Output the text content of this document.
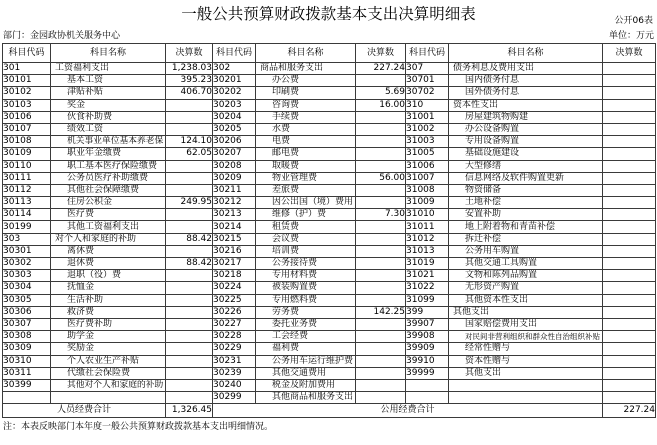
一般公共预算财政拨款基本支出决算明细表	公开06表
部门：金园政协机关服务中心	单位：万元
科目代码	科目名称	决算数	科目代码	科目名称	决算数	科目代码	科目名称	决算数
301	工资福利支出	1,238.03	302	商品和服务支出	227.24	307	债务利息及费用支出	
30101	基本工资	395.23	30201	办公费		30701	国内债务付息	
30102	津贴补贴	406.70	30202	印刷费	5.69	30702	国外债务付息	
30103	奖金		30203	咨询费	16.00	310	资本性支出	
30106	伙食补助费		30204	手续费		31001	房屋建筑物购建	
30107	绩效工资		30205	水费		31002	办公设备购置	
30108	机关事业单位基本养老保	124.10	30206	电费		31003	专用设备购置	
30109	职业年金缴费	62.05	30207	邮电费		31005	基础设施建设	
30110	职工基本医疗保险缴费		30208	取暖费		31006	大型修缮	
30111	公务员医疗补助缴费		30209	物业管理费	56.00	31007	信息网络及软件购置更新	
30112	其他社会保障缴费		30211	差旅费		31008	物资储备	
30113	住房公积金	249.95	30212	因公出国（境）费用		31009	土地补偿	
30114	医疗费		30213	维修（护）费	7.30	31010	安置补助	
30199	其他工资福利支出		30214	租赁费		31011	地上附着物和青苗补偿	
303	对个人和家庭的补助	88.42	30215	会议费		31012	拆迁补偿	
30301	离休费		30216	培训费		31013	公务用车购置	
30302	退休费	88.42	30217	公务接待费		31019	其他交通工具购置	
30303	退职（役）费		30218	专用材料费		31021	文物和陈列品购置	
30304	抚恤金		30224	被装购置费		31022	无形资产购置	
30305	生活补助		30225	专用燃料费		31099	其他资本性支出	
30306	救济费		30226	劳务费	142.25	399	其他支出	
30307	医疗费补助		30227	委托业务费		39907	国家赔偿费用支出	
30308	助学金		30228	工会经费		39908	对民间非营利组织和群众性自治组织补贴	
30309	奖励金		30229	福利费		39909	经常性赠与	
30310	个人农业生产补贴		30231	公务用车运行维护费		39910	资本性赠与	
30311	代缴社会保险费		30239	其他交通费用		39999	其他支出	
30399	其他对个人和家庭的补助		30240	税金及附加费用				
			30299	其他商品和服务支出				
人员经费合计		1,326.45	公用经费合计					227.24
注：本表反映部门本年度一般公共预算财政拨款基本支出明细情况。
